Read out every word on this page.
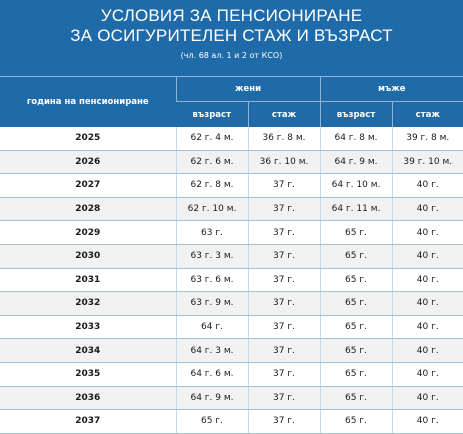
УСЛОВИЯ ЗА ПЕНСИОНИРАНЕ
ЗА ОСИГУРИТЕЛЕН СТАЖ И ВЪЗРАСТ
(чл. 68 ал. 1 и 2 от КСО)
година на пенсиониране	жени		мъже	
	възраст	стаж	възраст	стаж
2025	62 г. 4 м.	36 г. 8 м.	64 г. 8 м.	39 г. 8 м.
2026	62 г. 6 м.	36 г. 10 м.	64 г. 9 м.	39 г. 10 м.
2027	62 г. 8 м.	37 г.	64 г. 10 м.	40 г.
2028	62 г. 10 м.	37 г.	64 г. 11 м.	40 г.
2029	63 г.	37 г.	65 г.	40 г.
2030	63 г. 3 м.	37 г.	65 г.	40 г.
2031	63 г. 6 м.	37 г.	65 г.	40 г.
2032	63 г. 9 м.	37 г.	65 г.	40 г.
2033	64 г.	37 г.	65 г.	40 г.
2034	64 г. 3 м.	37 г.	65 г.	40 г.
2035	64 г. 6 м.	37 г.	65 г.	40 г.
2036	64 г. 9 м.	37 г.	65 г.	40 г.
2037	65 г.	37 г.	65 г.	40 г.
